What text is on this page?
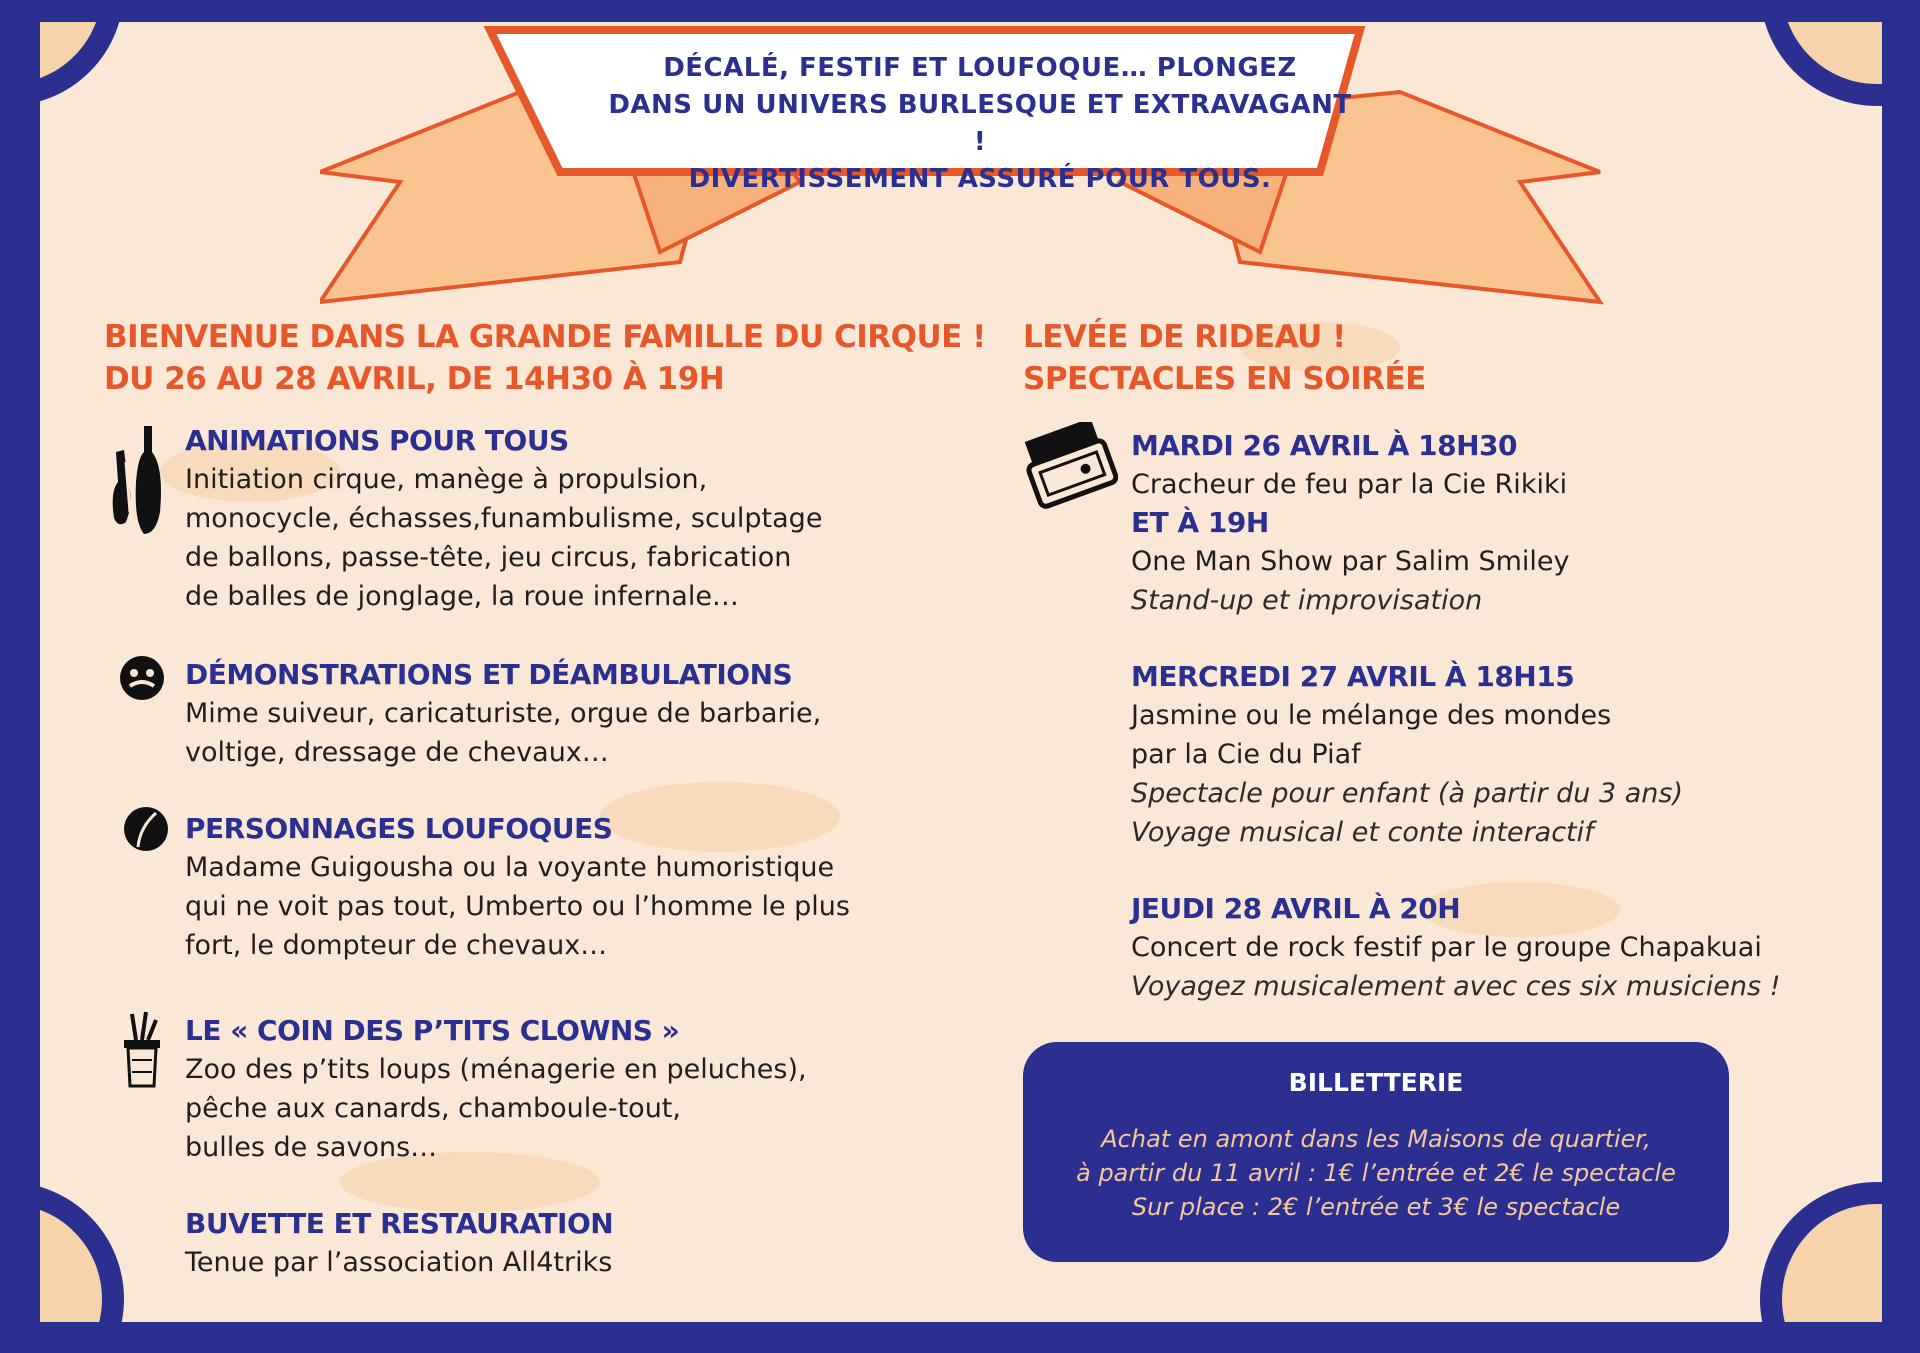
DÉCALÉ, FESTIF ET LOUFOQUE… PLONGEZ
DANS UN UNIVERS BURLESQUE ET EXTRAVAGANT !
DIVERTISSEMENT ASSURÉ POUR TOUS.
BIENVENUE DANS LA GRANDE FAMILLE DU CIRQUE !
DU 26 AU 28 AVRIL, DE 14H30 À 19H
ANIMATIONS POUR TOUS
Initiation cirque, manège à propulsion,
monocycle, échasses,funambulisme, sculptage
de ballons, passe-tête, jeu circus, fabrication
de balles de jonglage, la roue infernale…
DÉMONSTRATIONS ET DÉAMBULATIONS
Mime suiveur, caricaturiste, orgue de barbarie,
voltige, dressage de chevaux…
PERSONNAGES LOUFOQUES
Madame Guigousha ou la voyante humoristique
qui ne voit pas tout, Umberto ou l’homme le plus
fort, le dompteur de chevaux…
LE « COIN DES P’TITS CLOWNS »
Zoo des p’tits loups (ménagerie en peluches),
pêche aux canards, chamboule-tout,
bulles de savons…
BUVETTE ET RESTAURATION
Tenue par l’association All4triks
LEVÉE DE RIDEAU !
SPECTACLES EN SOIRÉE
MARDI 26 AVRIL À 18H30
Cracheur de feu par la Cie Rikiki
ET À 19H
One Man Show par Salim Smiley
Stand-up et improvisation
MERCREDI 27 AVRIL À 18H15
Jasmine ou le mélange des mondes
par la Cie du Piaf
Spectacle pour enfant (à partir du 3 ans)
Voyage musical et conte interactif
JEUDI 28 AVRIL À 20H
Concert de rock festif par le groupe Chapakuai
Voyagez musicalement avec ces six musiciens !
BILLETTERIE
Achat en amont dans les Maisons de quartier,
à partir du 11 avril : 1€ l’entrée et 2€ le spectacle
Sur place : 2€ l’entrée et 3€ le spectacle
